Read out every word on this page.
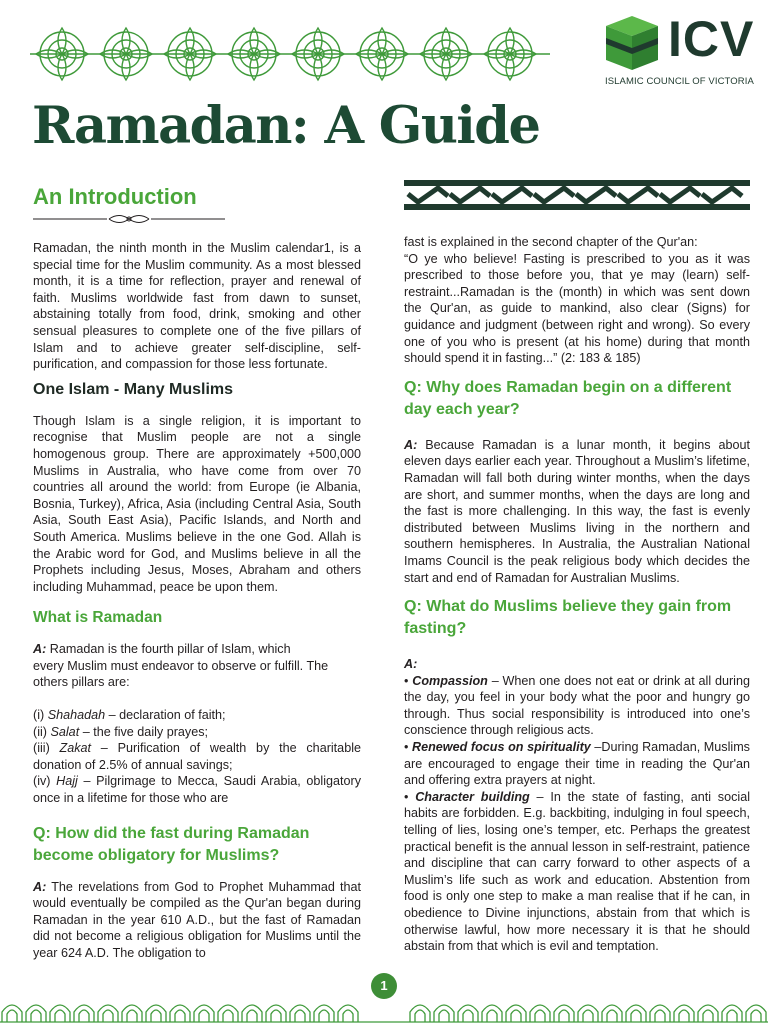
ICV
ISLAMIC COUNCIL OF VICTORIA
Ramadan: A Guide
An Introduction

Ramadan, the ninth month in the Muslim calendar1, is a special time for the Muslim community. As a most blessed month, it is a time for reflection, prayer and renewal of faith. Muslims worldwide fast from dawn to sunset, abstaining totally from food, drink, smoking and other sensual pleasures to complete one of the five pillars of Islam and to achieve greater self-discipline, self-purification, and compassion for those less fortunate.

One Islam - Many Muslims

Though Islam is a single religion, it is important to recognise that Muslim people are not a single homogenous group. There are approximately +500,000 Muslims in Australia, who have come from over 70 countries all around the world: from Europe (ie Albania, Bosnia, Turkey), Africa, Asia (including Central Asia, South Asia, South East Asia), Pacific Islands, and North and South America. Muslims believe in the one God. Allah is the Arabic word for God, and Muslims believe in all the Prophets including Jesus, Moses, Abraham and others including Muhammad, peace be upon them.

What is Ramadan

A: Ramadan is the fourth pillar of Islam, which
every Muslim must endeavor to observe or fulfill. The others pillars are:

(i) Shahadah – declaration of faith;
(ii) Salat – the five daily prayes;
(iii) Zakat – Purification of wealth by the charitable donation of 2.5% of annual savings;
(iv) Hajj – Pilgrimage to Mecca, Saudi Arabia, obligatory once in a lifetime for those who are
Q: How did the fast during Ramadan become obligatory for Muslims?

A: The revelations from God to Prophet Muhammad that would eventually be compiled as the Qur'an began during Ramadan in the year 610 A.D., but the fast of Ramadan did not become a religious obligation for Muslims until the year 624 A.D. The obligation to

fast is explained in the second chapter of the Qur'an:

“O ye who believe! Fasting is prescribed to you as it was prescribed to those before you, that ye may (learn) self-restraint...Ramadan is the (month) in which was sent down the Qur'an, as guide to mankind, also clear (Signs) for guidance and judgment (between right and wrong). So every one of you who is present (at his home) during that month should spend it in fasting...” (2: 183 & 185)

Q: Why does Ramadan begin on a different day each year?

A: Because Ramadan is a lunar month, it begins about eleven days earlier each year. Throughout a Muslim’s lifetime, Ramadan will fall both during winter months, when the days are short, and summer months, when the days are long and the fast is more challenging. In this way, the fast is evenly distributed between Muslims living in the northern and southern hemispheres. In Australia, the Australian National Imams Council is the peak religious body which decides the start and end of Ramadan for Australian Muslims.

Q: What do Muslims believe they gain from fasting?

A:

• Compassion – When one does not eat or drink at all during the day, you feel in your body what the poor and hungry go through. Thus social responsibility is introduced into one’s conscience through religious acts.

• Renewed focus on spirituality –During Ramadan, Muslims are encouraged to engage their time in reading the Qur'an and offering extra prayers at night.

• Character building – In the state of fasting, anti social habits are forbidden. E.g. backbiting, indulging in foul speech, telling of lies, losing one’s temper, etc. Perhaps the greatest practical benefit is the annual lesson in self-restraint, patience and discipline that can carry forward to other aspects of a Muslim’s life such as work and education. Abstention from food is only one step to make a man realise that if he can, in obedience to Divine injunctions, abstain from that which is otherwise lawful, how more necessary it is that he should abstain from that which is evil and temptation.

1
